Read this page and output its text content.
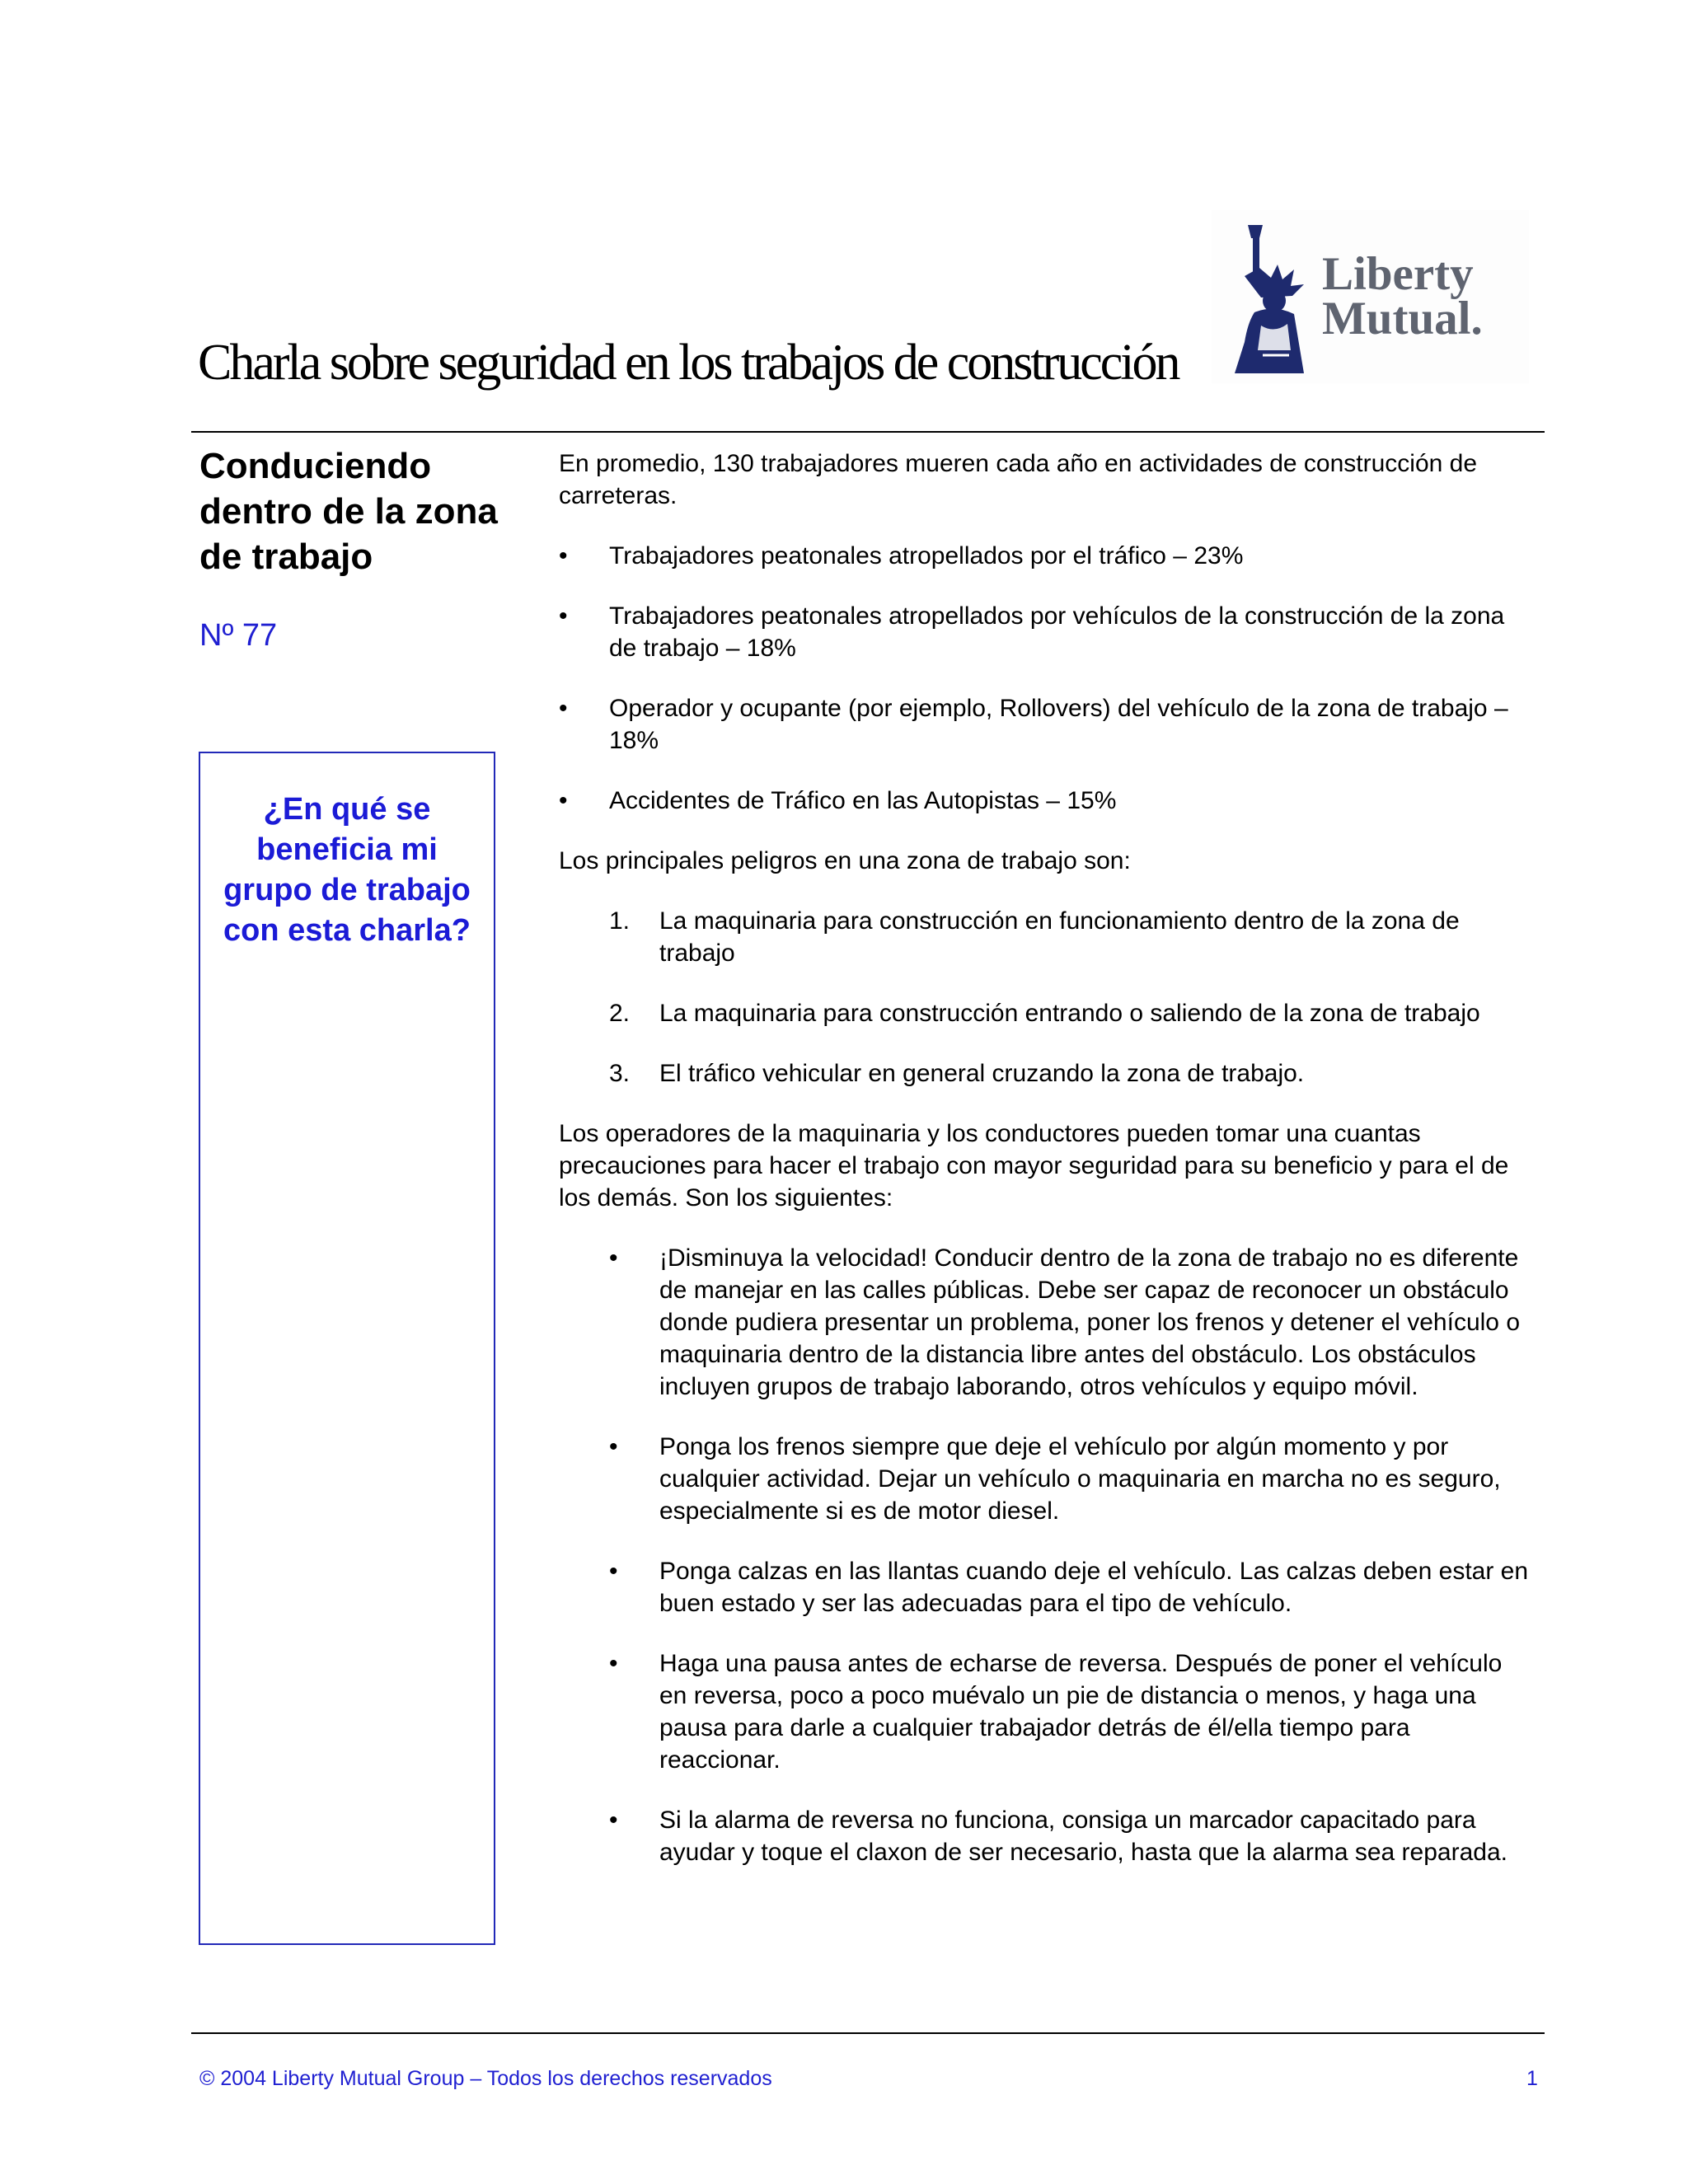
Liberty
Mutual.
Charla sobre seguridad en los trabajos de construcción
Conduciendo dentro de la zona de trabajo
Nº 77
¿En qué se beneficia mi grupo de trabajo con esta charla?

En promedio, 130 trabajadores mueren cada año en actividades de construcción de carreteras.

• Trabajadores peatonales atropellados por el tráfico – 23%
• Trabajadores peatonales atropellados por vehículos de la construcción de la zona de trabajo – 18%
• Operador y ocupante (por ejemplo, Rollovers) del vehículo de la zona de trabajo – 18%
• Accidentes de Tráfico en las Autopistas – 15%

Los principales peligros en una zona de trabajo son:

1. La maquinaria para construcción en funcionamiento dentro de la zona de trabajo
2. La maquinaria para construcción entrando o saliendo de la zona de trabajo
3. El tráfico vehicular en general cruzando la zona de trabajo.

Los operadores de la maquinaria y los conductores pueden tomar una cuantas precauciones para hacer el trabajo con mayor seguridad para su beneficio y para el de los demás. Son los siguientes:

• ¡Disminuya la velocidad! Conducir dentro de la zona de trabajo no es diferente de manejar en las calles públicas. Debe ser capaz de reconocer un obstáculo donde pudiera presentar un problema, poner los frenos y detener el vehículo o maquinaria dentro de la distancia libre antes del obstáculo. Los obstáculos incluyen grupos de trabajo laborando, otros vehículos y equipo móvil.
• Ponga los frenos siempre que deje el vehículo por algún momento y por cualquier actividad. Dejar un vehículo o maquinaria en marcha no es seguro, especialmente si es de motor diesel.
• Ponga calzas en las llantas cuando deje el vehículo. Las calzas deben estar en buen estado y ser las adecuadas para el tipo de vehículo.
• Haga una pausa antes de echarse de reversa. Después de poner el vehículo en reversa, poco a poco muévalo un pie de distancia o menos, y haga una pausa para darle a cualquier trabajador detrás de él/ella tiempo para reaccionar.
• Si la alarma de reversa no funciona, consiga un marcador capacitado para ayudar y toque el claxon de ser necesario, hasta que la alarma sea reparada.
© 2004 Liberty Mutual Group – Todos los derechos reservados	1
